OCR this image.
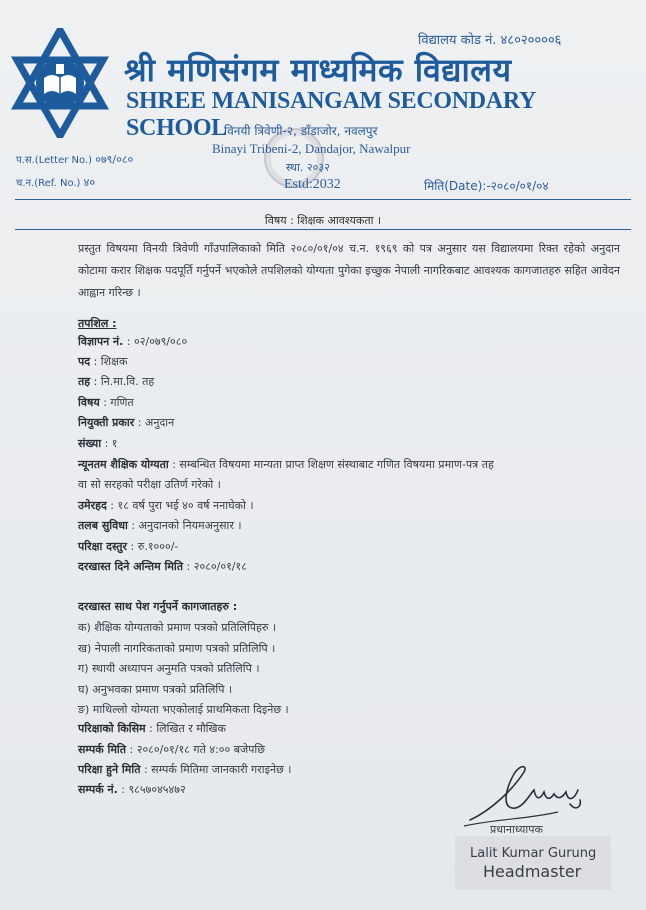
विद्यालय कोड नं. ४८०२००००६
श्री मणिसंगम माध्यमिक विद्यालय
SHREE MANISANGAM SECONDARY SCHOOL
विनयी त्रिवेणी-२, डाँडाजोर, नवलपुर
Binayi Tribeni-2, Dandajor, Nawalpur
स्था. २०३२
Estd:2032
प.स.(Letter No.) ०७९/०८०
च.न.(Ref. No.) ४०	मिति(Date):-२०८०/०१/०४
विषय : शिक्षक आवश्यकता ।
प्रस्तुत विषयमा विनयी त्रिवेणी गाँउपालिकाको मिति २०८०/०१/०४ च.न. १९६९ को पत्र अनुसार यस विद्यालयमा रिक्त रहेको अनुदान कोटामा करार शिक्षक पदपूर्ति गर्नुपर्ने भएकोले तपशिलको योग्यता पुगेका इच्छुक नेपाली नागरिकबाट आवश्यक कागजातहरु सहित आवेदन आह्वान गरिन्छ ।
तपशिल :
विज्ञापन नं. : ०२/०७९/०८०
पद : शिक्षक
तह : नि.मा.वि. तह
विषय : गणित
नियुक्ती प्रकार : अनुदान
संख्या : १
न्यूनतम शैक्षिक योग्यता : सम्बन्धित विषयमा मान्यता प्राप्त शिक्षण संस्थाबाट गणित विषयमा प्रमाण-पत्र तह
वा सो सरहको परीक्षा उतिर्ण गरेको ।
उमेरहद : १८ वर्ष पुरा भई ४० वर्ष ननाघेको ।
तलब सुविधा : अनुदानको नियमअनुसार ।
परिक्षा दस्तुर : रु.१०००/-
दरखास्त दिने अन्तिम मिति : २०८०/०१/१८
दरखास्त साथ पेश गर्नुपर्ने कागजातहरु :
क) शैक्षिक योग्यताको प्रमाण पत्रको प्रतिलिपिहरु ।
ख) नेपाली नागरिकताको प्रमाण पत्रको प्रतिलिपि ।
ग) स्थायी अध्यापन अनुमति पत्रको प्रतिलिपि ।
घ) अनुभवका प्रमाण पत्रको प्रतिलिपि ।
ङ) माथिल्लो योग्यता भएकोलाई प्राथमिकता दिइनेछ ।
परिक्षाको किसिम : लिखित र मौखिक
सम्पर्क मिति : २०८०/०१/१८ गते ४:०० बजेपछि
परिक्षा हुने मिति : सम्पर्क मितिमा जानकारी गराइनेछ ।
सम्पर्क नं. : ९८५७०४५४७२
प्रधानाध्यापक
Lalit Kumar Gurung
Headmaster
